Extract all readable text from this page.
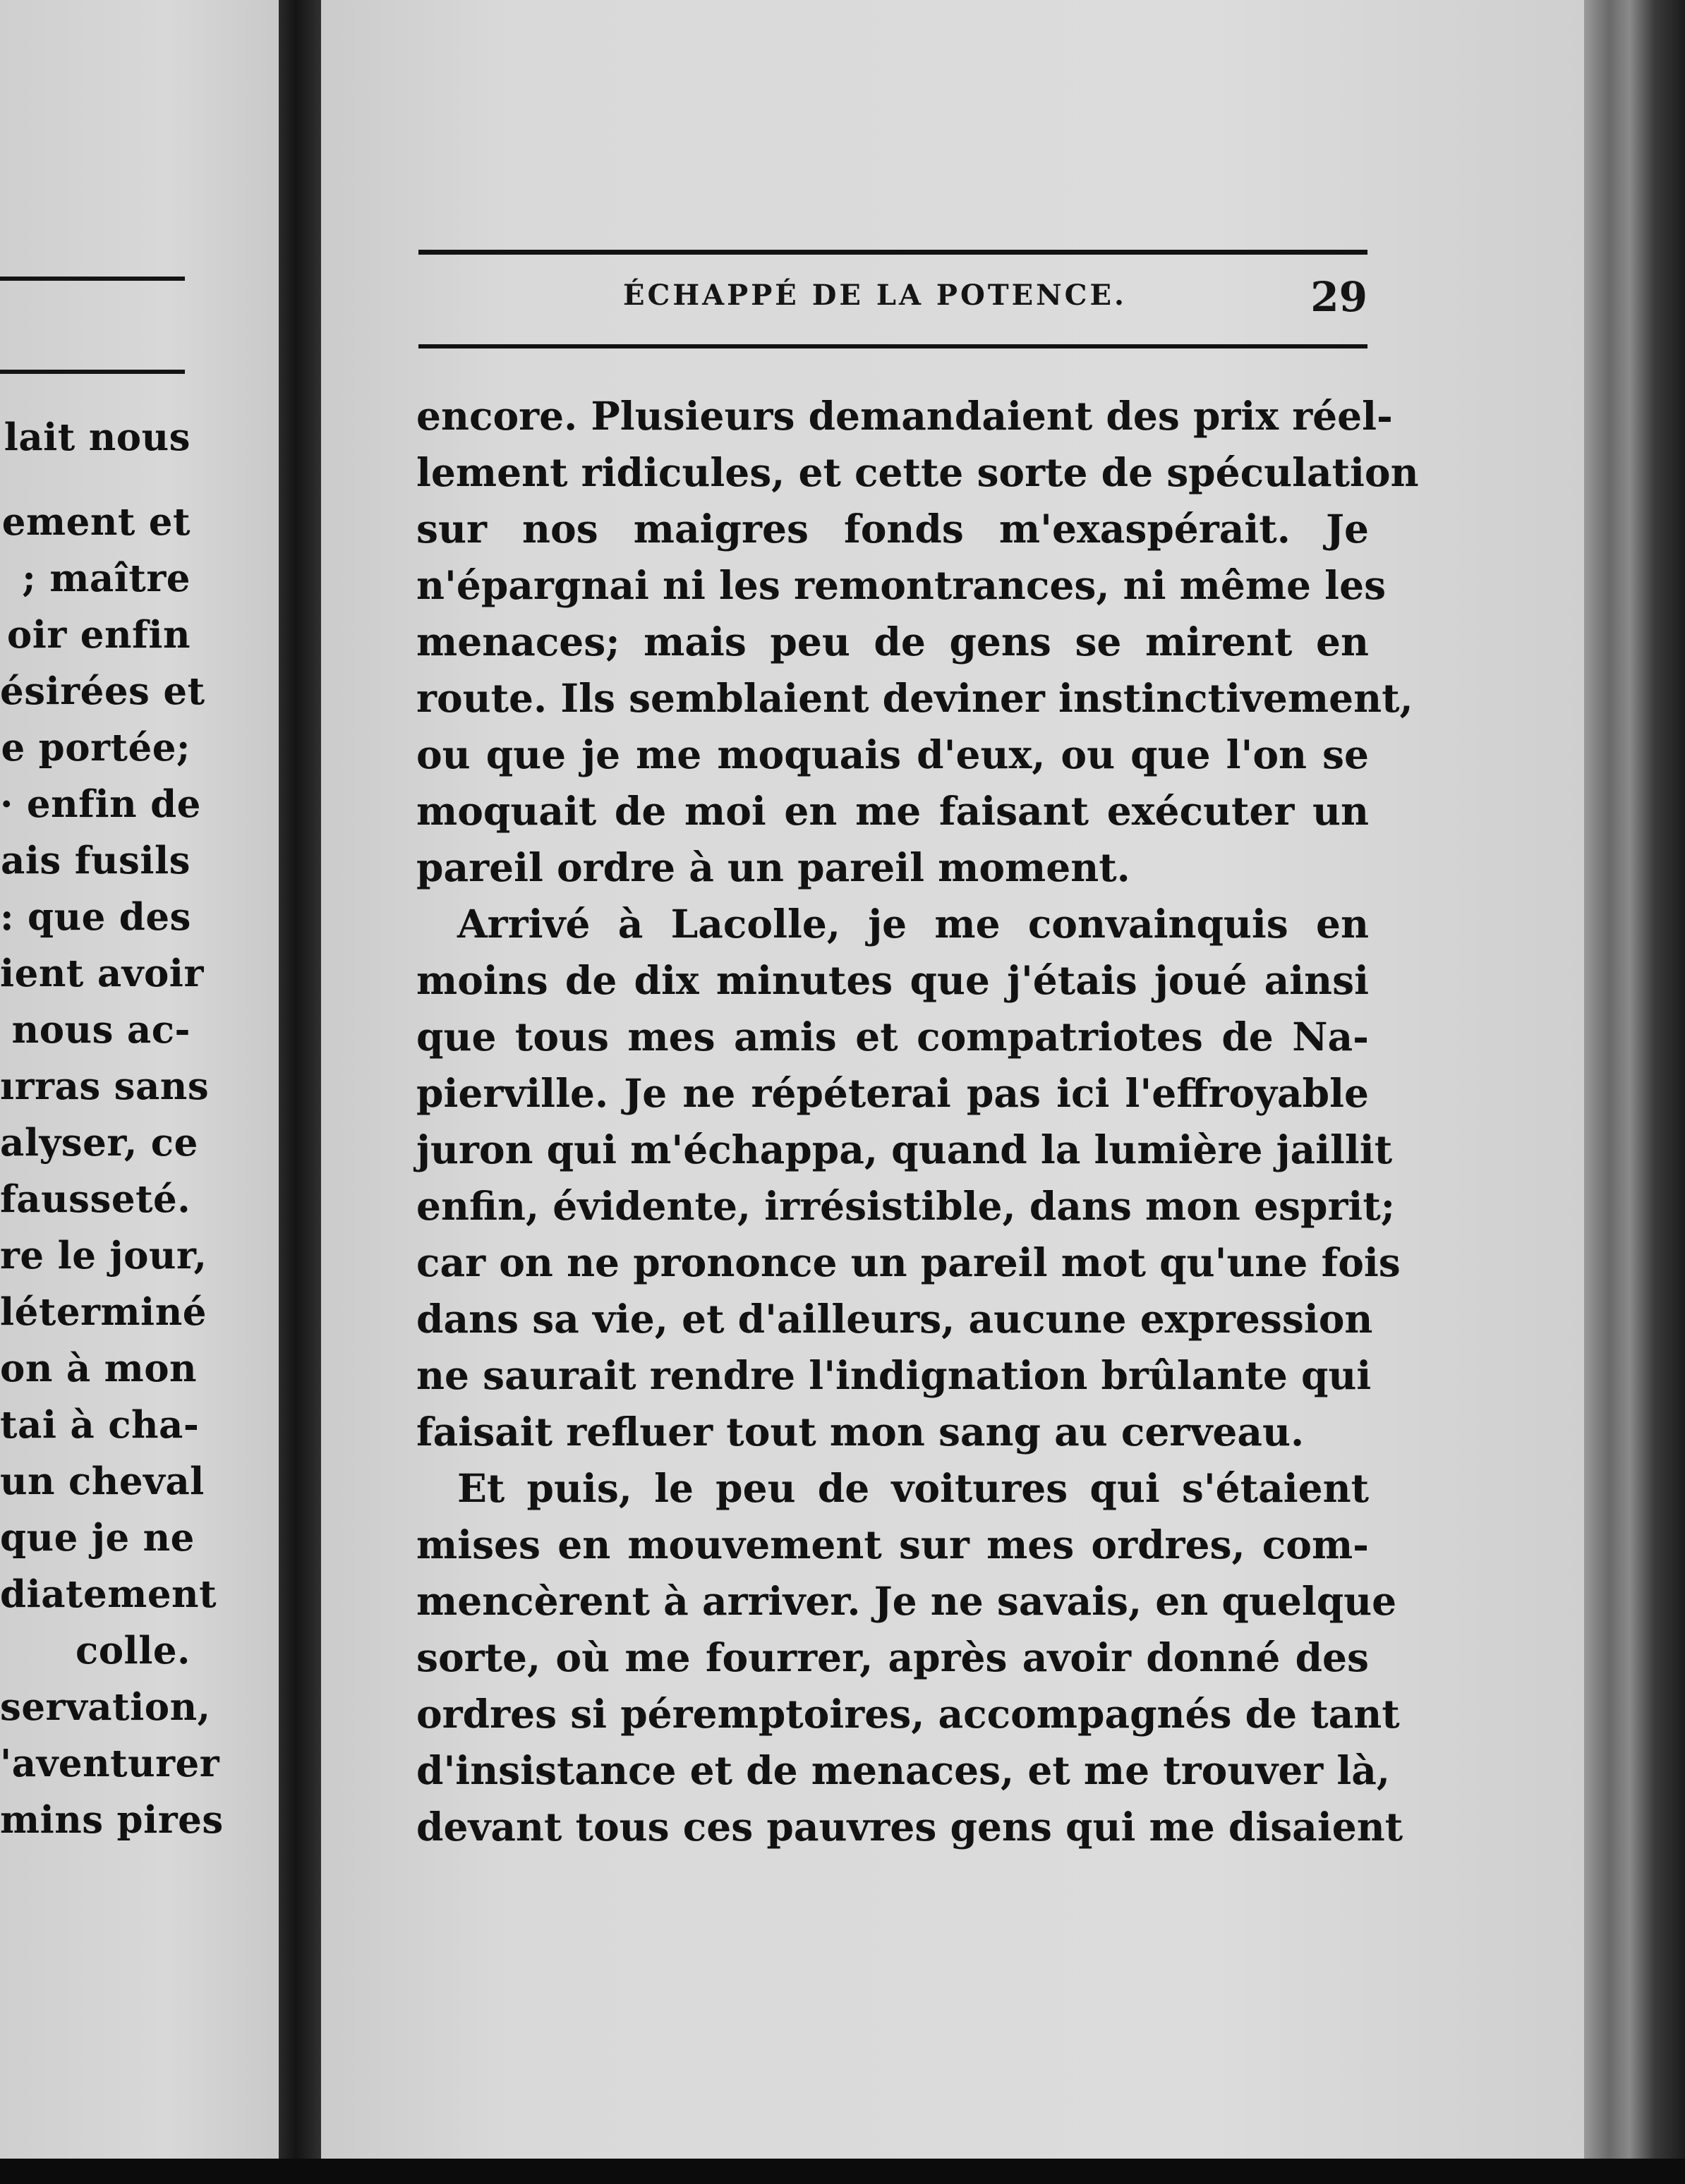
lait nous
ement et
; maître
oir enfin
ésirées et
e portée;
· enfin de
ais fusils
: que des
ient avoir
nous ac-
ırras sans
alyser, ce
fausseté.
re le jour,
léterminé
on à mon
tai à cha-
un cheval
que je ne
diatement
colle.
servation,
'aventurer
mins pires
ÉCHAPPÉ DE LA POTENCE.	29
encore. Plusieurs demandaient des prix réel-
lement ridicules, et cette sorte de spéculation
sur nos maigres fonds m'exaspérait. Je
n'épargnai ni les remontrances, ni même les
menaces; mais peu de gens se mirent en
route. Ils semblaient deviner instinctivement,
ou que je me moquais d'eux, ou que l'on se
moquait de moi en me faisant exécuter un
pareil ordre à un pareil moment.
Arrivé à Lacolle, je me convainquis en
moins de dix minutes que j'étais joué ainsi
que tous mes amis et compatriotes de Na-
pierville. Je ne répéterai pas ici l'effroyable
juron qui m'échappa, quand la lumière jaillit
enfin, évidente, irrésistible, dans mon esprit;
car on ne prononce un pareil mot qu'une fois
dans sa vie, et d'ailleurs, aucune expression
ne saurait rendre l'indignation brûlante qui
faisait refluer tout mon sang au cerveau.
Et puis, le peu de voitures qui s'étaient
mises en mouvement sur mes ordres, com-
mencèrent à arriver. Je ne savais, en quelque
sorte, où me fourrer, après avoir donné des
ordres si péremptoires, accompagnés de tant
d'insistance et de menaces, et me trouver là,
devant tous ces pauvres gens qui me disaient
